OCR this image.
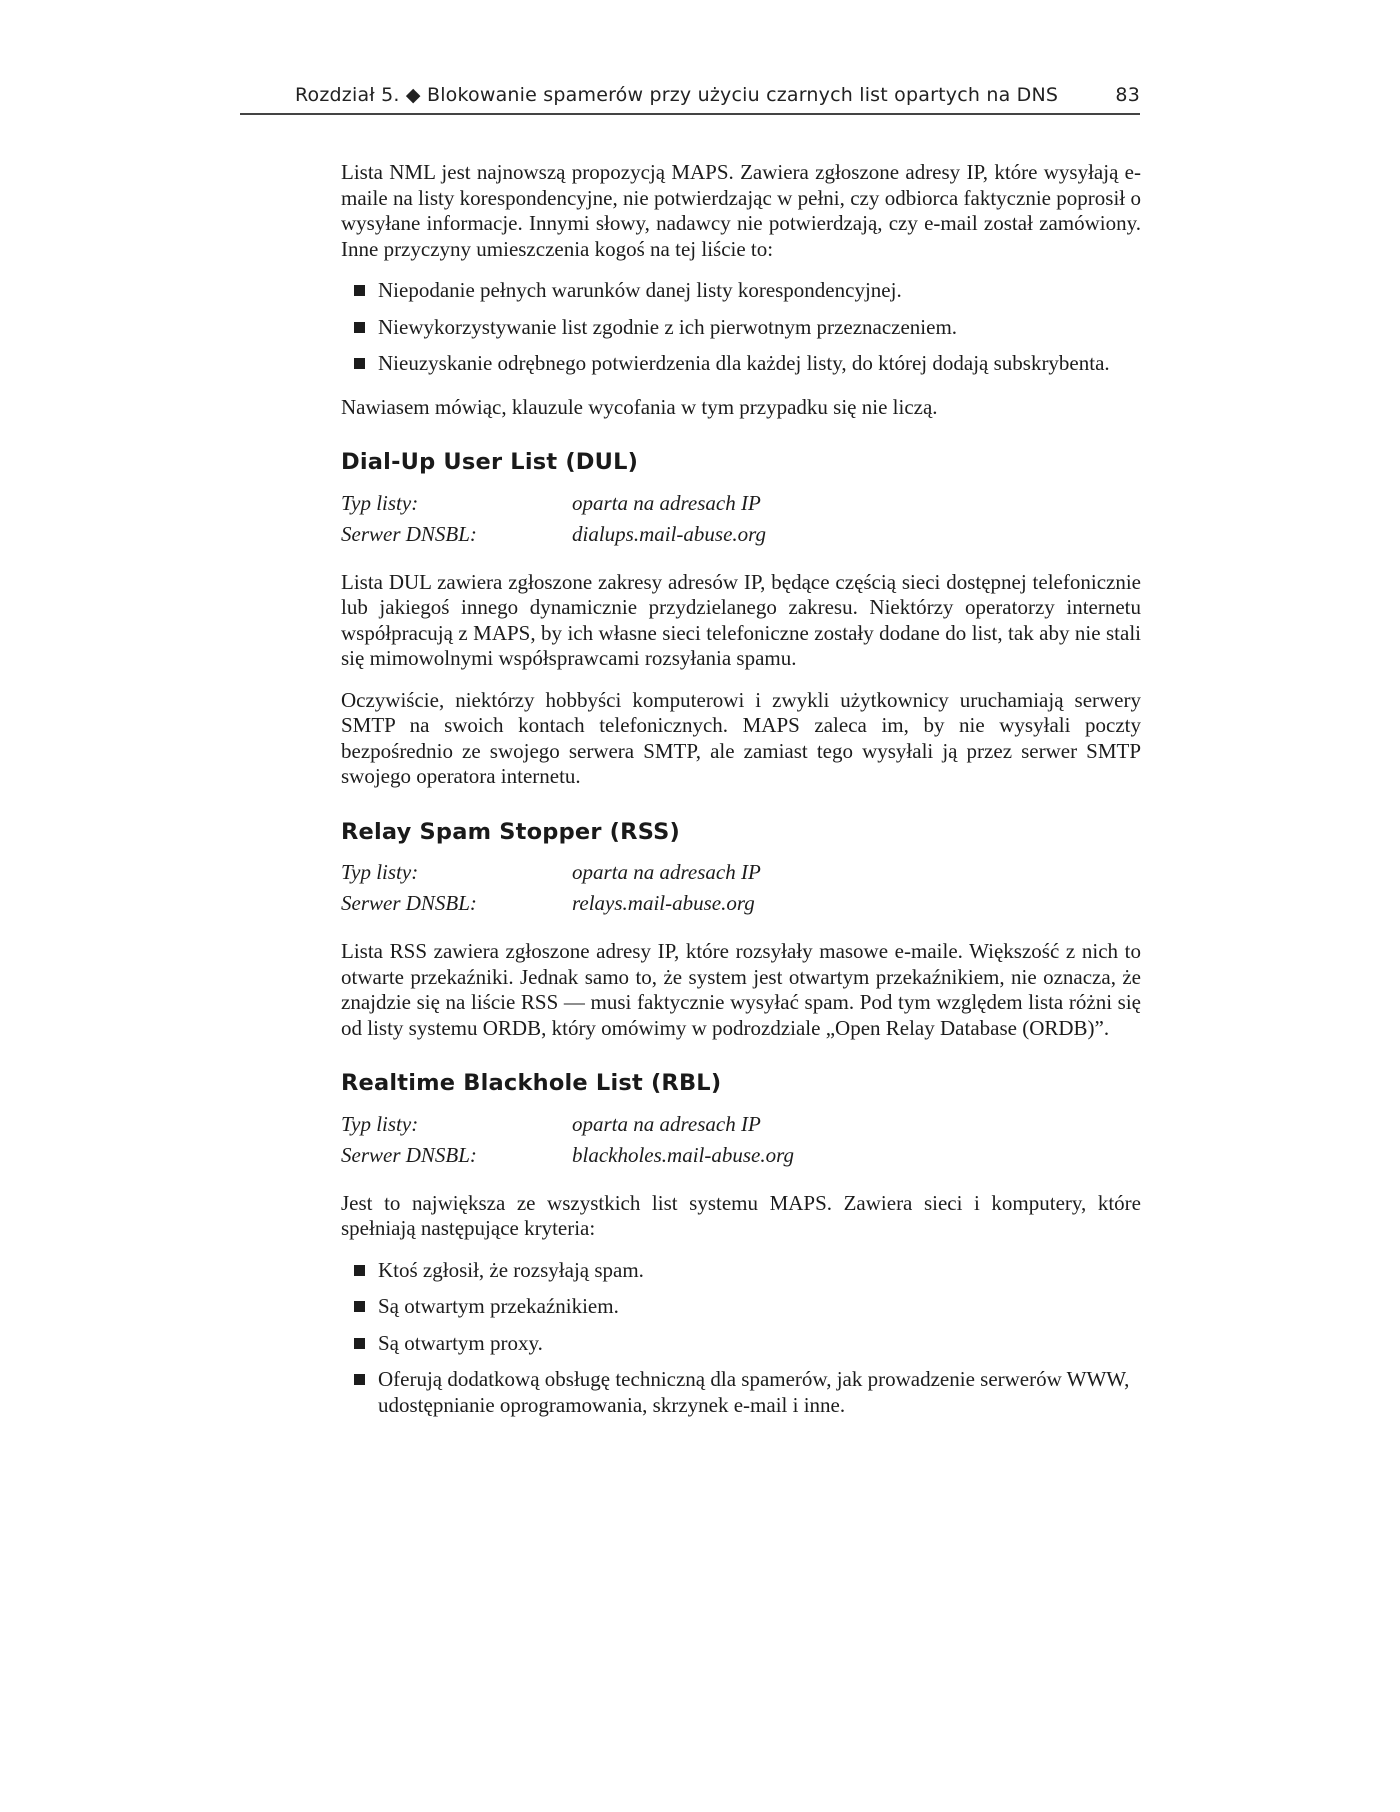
Rozdział 5. ◆ Blokowanie spamerów przy użyciu czarnych list opartych na DNS	83

Lista NML jest najnowszą propozycją MAPS. Zawiera zgłoszone adresy IP, które wysyłają e-maile na listy korespondencyjne, nie potwierdzając w pełni, czy odbiorca faktycznie poprosił o wysyłane informacje. Innymi słowy, nadawcy nie potwierdzają, czy e-mail został zamówiony. Inne przyczyny umieszczenia kogoś na tej liście to:

Niepodanie pełnych warunków danej listy korespondencyjnej.
Niewykorzystywanie list zgodnie z ich pierwotnym przeznaczeniem.
Nieuzyskanie odrębnego potwierdzenia dla każdej listy, do której dodają subskrybenta.

Nawiasem mówiąc, klauzule wycofania w tym przypadku się nie liczą.

Dial-Up User List (DUL)
Typ listy:	oparta na adresach IP
Serwer DNSBL:	dialups.mail-abuse.org

Lista DUL zawiera zgłoszone zakresy adresów IP, będące częścią sieci dostępnej telefonicznie lub jakiegoś innego dynamicznie przydzielanego zakresu. Niektórzy operatorzy internetu współpracują z MAPS, by ich własne sieci telefoniczne zostały dodane do list, tak aby nie stali się mimowolnymi współsprawcami rozsyłania spamu.

Oczywiście, niektórzy hobbyści komputerowi i zwykli użytkownicy uruchamiają serwery SMTP na swoich kontach telefonicznych. MAPS zaleca im, by nie wysyłali poczty bezpośrednio ze swojego serwera SMTP, ale zamiast tego wysyłali ją przez serwer SMTP swojego operatora internetu.

Relay Spam Stopper (RSS)
Typ listy:	oparta na adresach IP
Serwer DNSBL:	relays.mail-abuse.org

Lista RSS zawiera zgłoszone adresy IP, które rozsyłały masowe e-maile. Większość z nich to otwarte przekaźniki. Jednak samo to, że system jest otwartym przekaźnikiem, nie oznacza, że znajdzie się na liście RSS — musi faktycznie wysyłać spam. Pod tym względem lista różni się od listy systemu ORDB, który omówimy w podrozdziale „Open Relay Database (ORDB)”.

Realtime Blackhole List (RBL)
Typ listy:	oparta na adresach IP
Serwer DNSBL:	blackholes.mail-abuse.org

Jest to największa ze wszystkich list systemu MAPS. Zawiera sieci i komputery, które spełniają następujące kryteria:

Ktoś zgłosił, że rozsyłają spam.
Są otwartym przekaźnikiem.
Są otwartym proxy.
Oferują dodatkową obsługę techniczną dla spamerów, jak prowadzenie serwerów WWW, udostępnianie oprogramowania, skrzynek e-mail i inne.
